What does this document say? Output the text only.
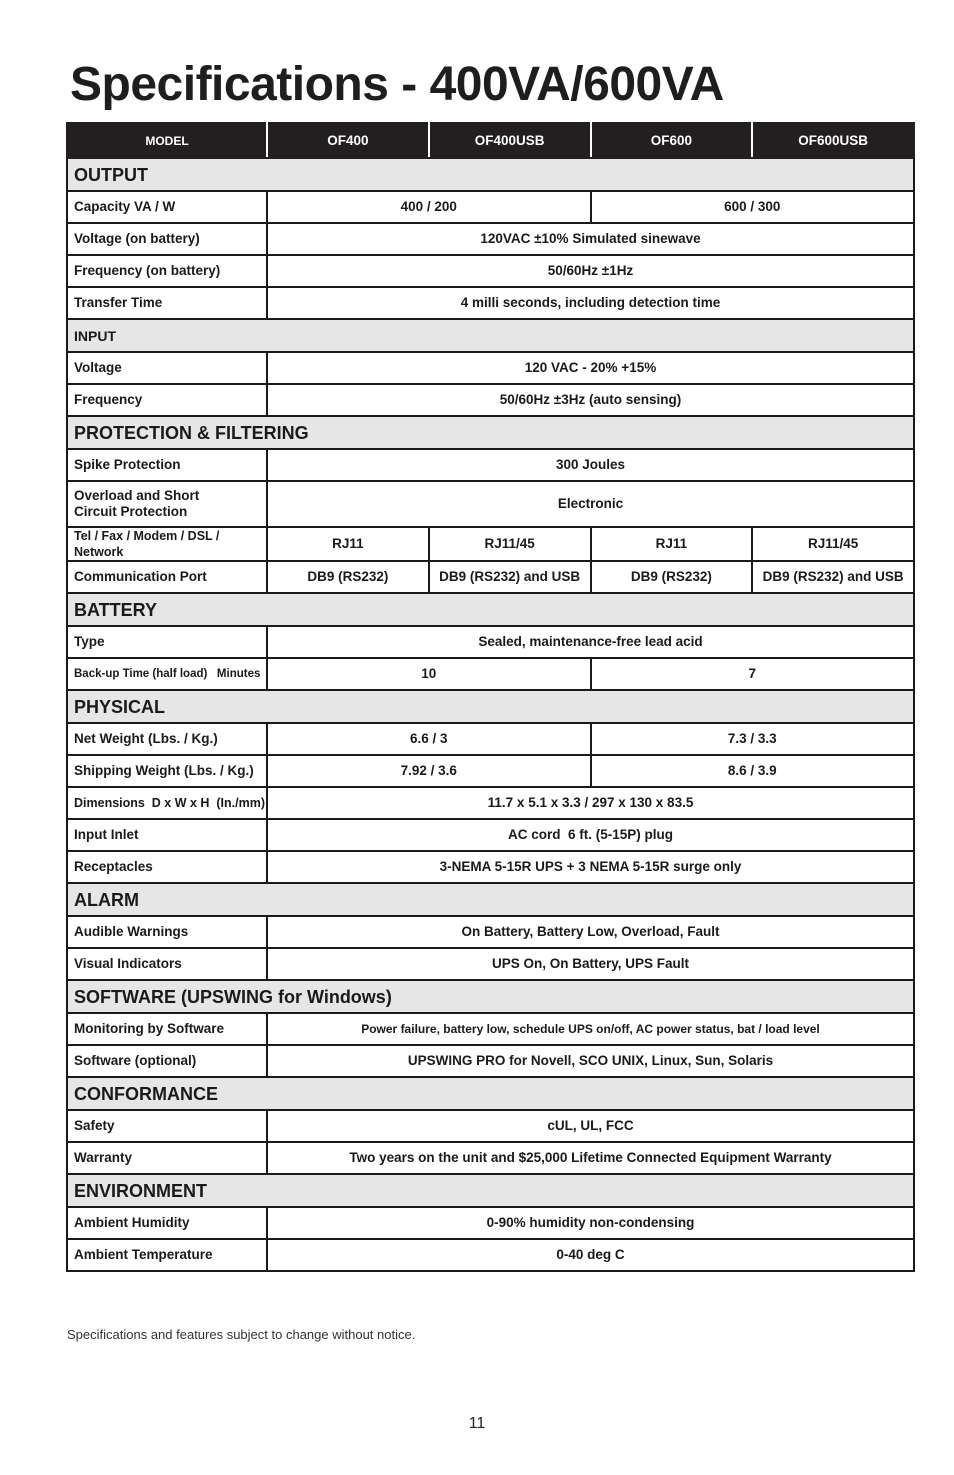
Specifications - 400VA/600VA
MODEL	OF400	OF400USB	OF600	OF600USB
OUTPUT				
Capacity VA / W	400 / 200		600 / 300	
Voltage (on battery)	120VAC ±10% Simulated sinewave			
Frequency (on battery)	50/60Hz ±1Hz			
Transfer Time	4 milli seconds, including detection time			
INPUT				
Voltage	120 VAC - 20% +15%			
Frequency	50/60Hz ±3Hz (auto sensing)			
PROTECTION & FILTERING				
Spike Protection	300 Joules			
Overload and Short
Circuit Protection	Electronic			
Tel / Fax / Modem / DSL / Network	RJ11	RJ11/45	RJ11	RJ11/45
Communication Port	DB9 (RS232)	DB9 (RS232) and USB	DB9 (RS232)	DB9 (RS232) and USB
BATTERY				
Type	Sealed, maintenance-free lead acid			
Back-up Time (half load)   Minutes	10		7	
PHYSICAL				
Net Weight (Lbs. / Kg.)	6.6 / 3		7.3 / 3.3	
Shipping Weight (Lbs. / Kg.)	7.92 / 3.6		8.6 / 3.9	
Dimensions  D x W x H  (In./mm)	11.7 x 5.1 x 3.3 / 297 x 130 x 83.5			
Input Inlet	AC cord  6 ft. (5-15P) plug			
Receptacles	3-NEMA 5-15R UPS + 3 NEMA 5-15R surge only			
ALARM				
Audible Warnings	On Battery, Battery Low, Overload, Fault			
Visual Indicators	UPS On, On Battery, UPS Fault			
SOFTWARE (UPSWING for Windows)				
Monitoring by Software	Power failure, battery low, schedule UPS on/off, AC power status, bat / load level			
Software (optional)	UPSWING PRO for Novell, SCO UNIX, Linux, Sun, Solaris			
CONFORMANCE				
Safety	cUL, UL, FCC			
Warranty	Two years on the unit and $25,000 Lifetime Connected Equipment Warranty			
ENVIRONMENT				
Ambient Humidity	0-90% humidity non-condensing			
Ambient Temperature	0-40 deg C			
Specifications and features subject to change without notice.
11
